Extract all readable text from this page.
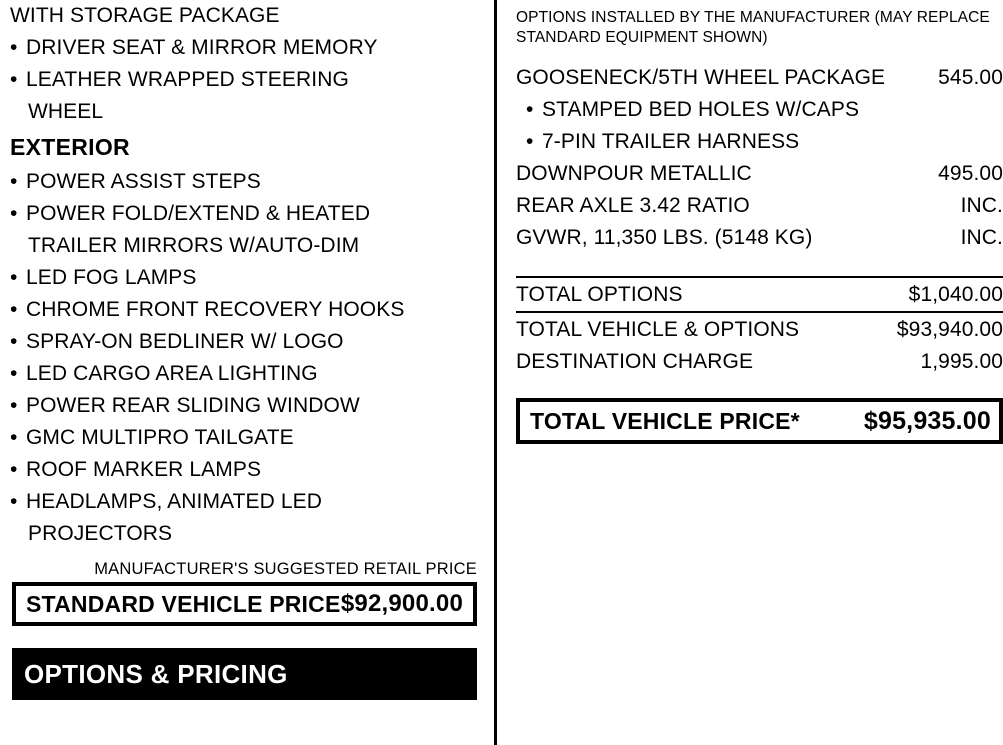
WITH STORAGE PACKAGE
• DRIVER SEAT & MIRROR MEMORY
• LEATHER WRAPPED STEERING
WHEEL
EXTERIOR
• POWER ASSIST STEPS
• POWER FOLD/EXTEND & HEATED
TRAILER MIRRORS W/AUTO-DIM
• LED FOG LAMPS
• CHROME FRONT RECOVERY HOOKS
• SPRAY-ON BEDLINER W/ LOGO
• LED CARGO AREA LIGHTING
• POWER REAR SLIDING WINDOW
• GMC MULTIPRO TAILGATE
• ROOF MARKER LAMPS
• HEADLAMPS, ANIMATED LED
PROJECTORS
MANUFACTURER'S SUGGESTED RETAIL PRICE
STANDARD VEHICLE PRICE $92,900.00
OPTIONS & PRICING
OPTIONS INSTALLED BY THE MANUFACTURER (MAY REPLACE STANDARD EQUIPMENT SHOWN)
GOOSENECK/5TH WHEEL PACKAGE	545.00
• STAMPED BED HOLES W/CAPS
• 7-PIN TRAILER HARNESS
DOWNPOUR METALLIC	495.00
REAR AXLE 3.42 RATIO	INC.
GVWR, 11,350 LBS. (5148 KG)	INC.
TOTAL OPTIONS	$1,040.00
TOTAL VEHICLE & OPTIONS	$93,940.00
DESTINATION CHARGE	1,995.00
TOTAL VEHICLE PRICE*	$95,935.00
